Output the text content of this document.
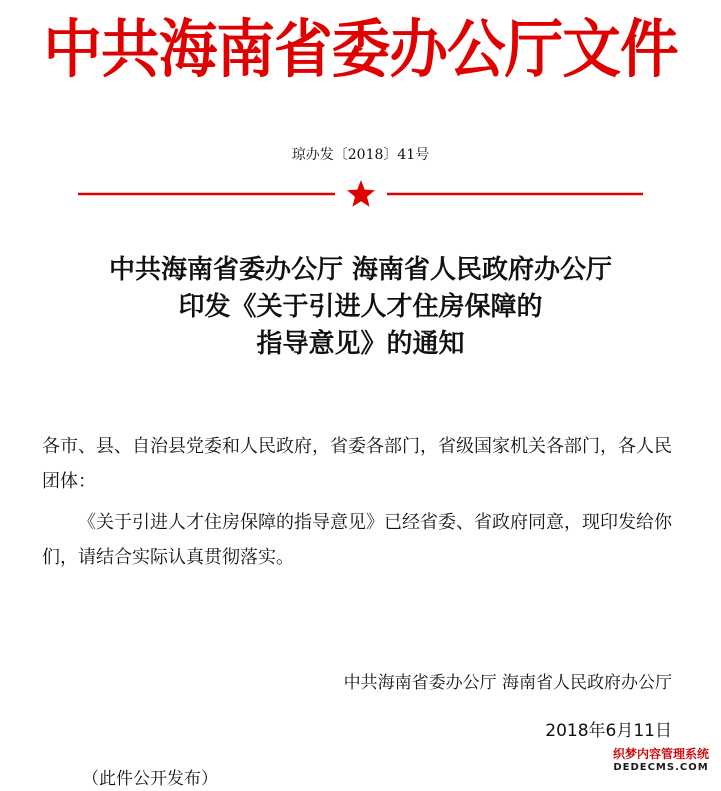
中共海南省委办公厅文件
琼办发〔2018〕41号
中共海南省委办公厅 海南省人民政府办公厅
印发《关于引进人才住房保障的
指导意见》的通知
各市、县、自治县党委和人民政府，省委各部门，省级国家机关各部门，各人民团体：
《关于引进人才住房保障的指导意见》已经省委、省政府同意，现印发给你们，请结合实际认真贯彻落实。
中共海南省委办公厅 海南省人民政府办公厅
2018年6月11日
（此件公开发布）
织梦内容管理系统
DEDECMS.COM
